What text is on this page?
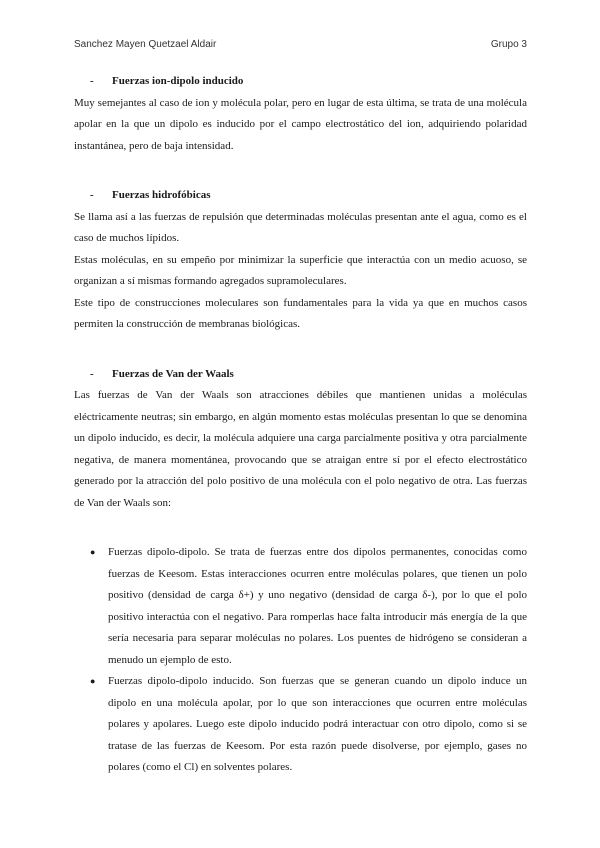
Sanchez Mayen Quetzael Aldair	Grupo 3
- Fuerzas ion-dipolo inducido

Muy semejantes al caso de ion y molécula polar, pero en lugar de esta última, se trata de una molécula apolar en la que un dipolo es inducido por el campo electrostático del ion, adquiriendo polaridad instantánea, pero de baja intensidad.

- Fuerzas hidrofóbicas

Se llama así a las fuerzas de repulsión que determinadas moléculas presentan ante el agua, como es el caso de muchos lípidos.

Estas moléculas, en su empeño por minimizar la superficie que interactúa con un medio acuoso, se organizan a sí mismas formando agregados supramoleculares.

Este tipo de construcciones moleculares son fundamentales para la vida ya que en muchos casos permiten la construcción de membranas biológicas.

- Fuerzas de Van der Waals

Las fuerzas de Van der Waals son atracciones débiles que mantienen unidas a moléculas eléctricamente neutras; sin embargo, en algún momento estas moléculas presentan lo que se denomina un dipolo inducido, es decir, la molécula adquiere una carga parcialmente positiva y otra parcialmente negativa, de manera momentánea, provocando que se atraigan entre sí por el efecto electrostático generado por la atracción del polo positivo de una molécula con el polo negativo de otra. Las fuerzas de Van der Waals son:

● Fuerzas dipolo-dipolo. Se trata de fuerzas entre dos dipolos permanentes, conocidas como fuerzas de Keesom. Estas interacciones ocurren entre moléculas polares, que tienen un polo positivo (densidad de carga δ+) y uno negativo (densidad de carga δ-), por lo que el polo positivo interactúa con el negativo. Para romperlas hace falta introducir más energía de la que sería necesaria para separar moléculas no polares. Los puentes de hidrógeno se consideran a menudo un ejemplo de esto.
● Fuerzas dipolo-dipolo inducido. Son fuerzas que se generan cuando un dipolo induce un dipolo en una molécula apolar, por lo que son interacciones que ocurren entre moléculas polares y apolares. Luego este dipolo inducido podrá interactuar con otro dipolo, como si se tratase de las fuerzas de Keesom. Por esta razón puede disolverse, por ejemplo, gases no polares (como el Cl) en solventes polares.
